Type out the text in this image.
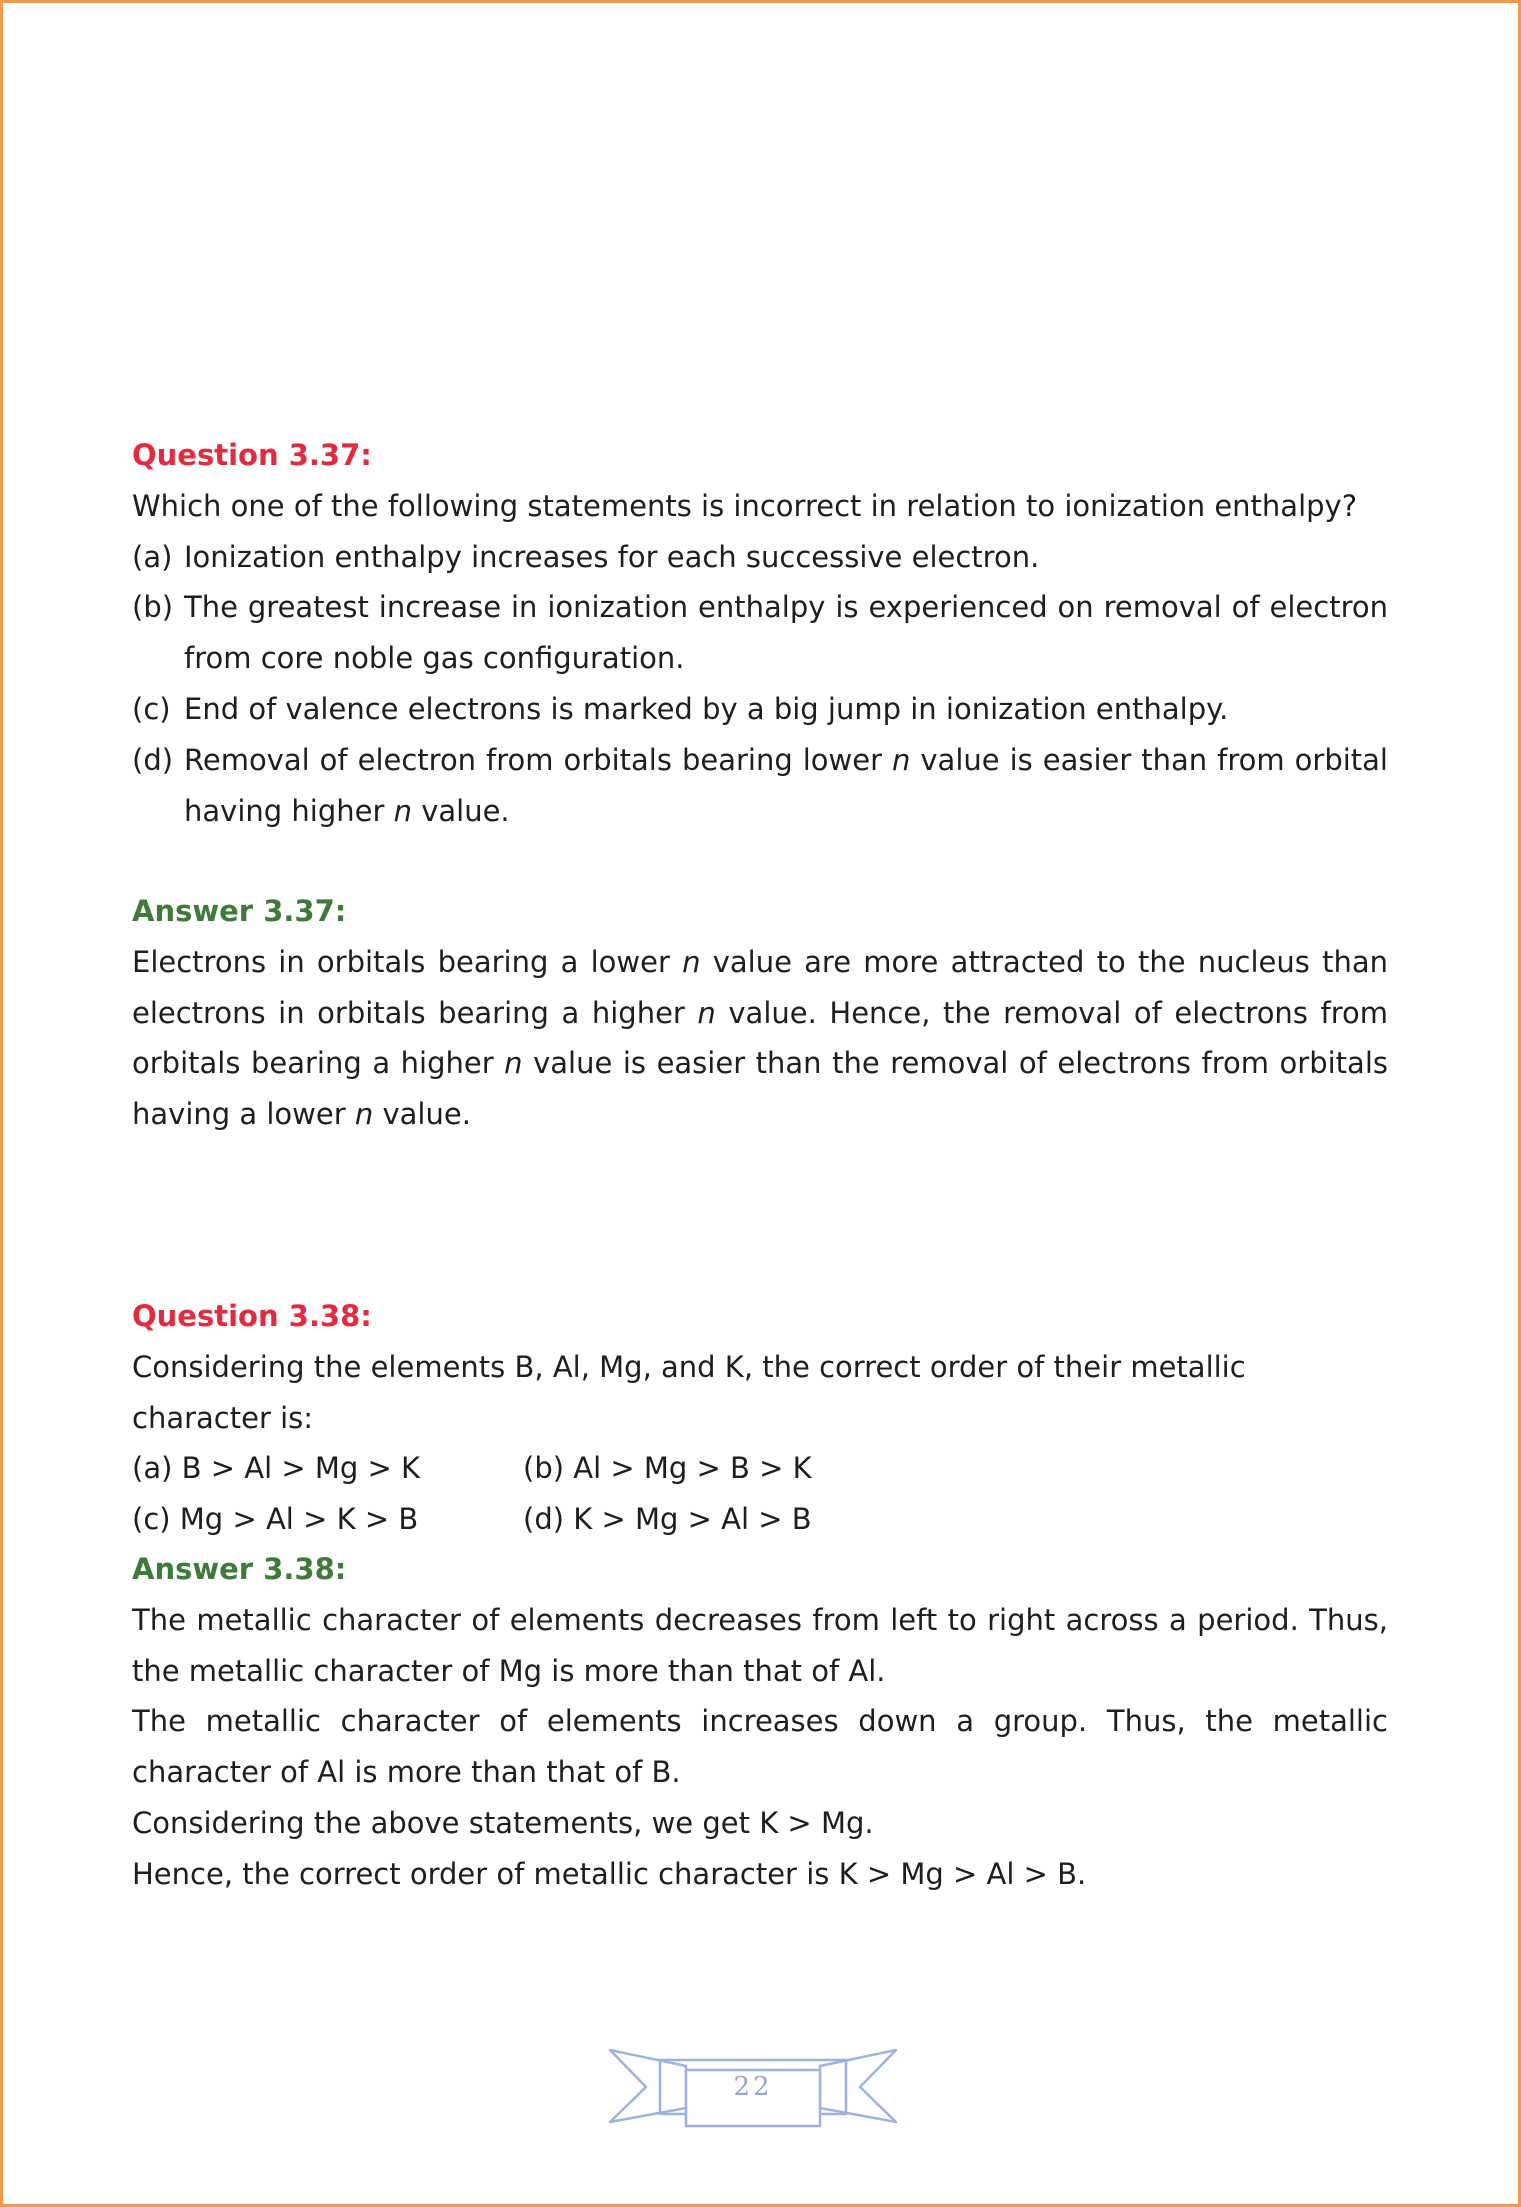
Question 3.37:
Which one of the following statements is incorrect in relation to ionization enthalpy?
(a) Ionization enthalpy increases for each successive electron.
(b) The greatest increase in ionization enthalpy is experienced on removal of electron from core noble gas configuration.
(c) End of valence electrons is marked by a big jump in ionization enthalpy.
(d) Removal of electron from orbitals bearing lower n value is easier than from orbital having higher n value.
Answer 3.37:
Electrons in orbitals bearing a lower n value are more attracted to the nucleus than electrons in orbitals bearing a higher n value. Hence, the removal of electrons from orbitals bearing a higher n value is easier than the removal of electrons from orbitals having a lower n value.
Question 3.38:
Considering the elements B, Al, Mg, and K, the correct order of their metallic character is:
(a) B > Al > Mg > K	(b) Al > Mg > B > K
(c) Mg > Al > K > B	(d) K > Mg > Al > B
Answer 3.38:
The metallic character of elements decreases from left to right across a period. Thus, the metallic character of Mg is more than that of Al.
The metallic character of elements increases down a group. Thus, the metallic character of Al is more than that of B.
Considering the above statements, we get K > Mg.
Hence, the correct order of metallic character is K > Mg > Al > B.
22
